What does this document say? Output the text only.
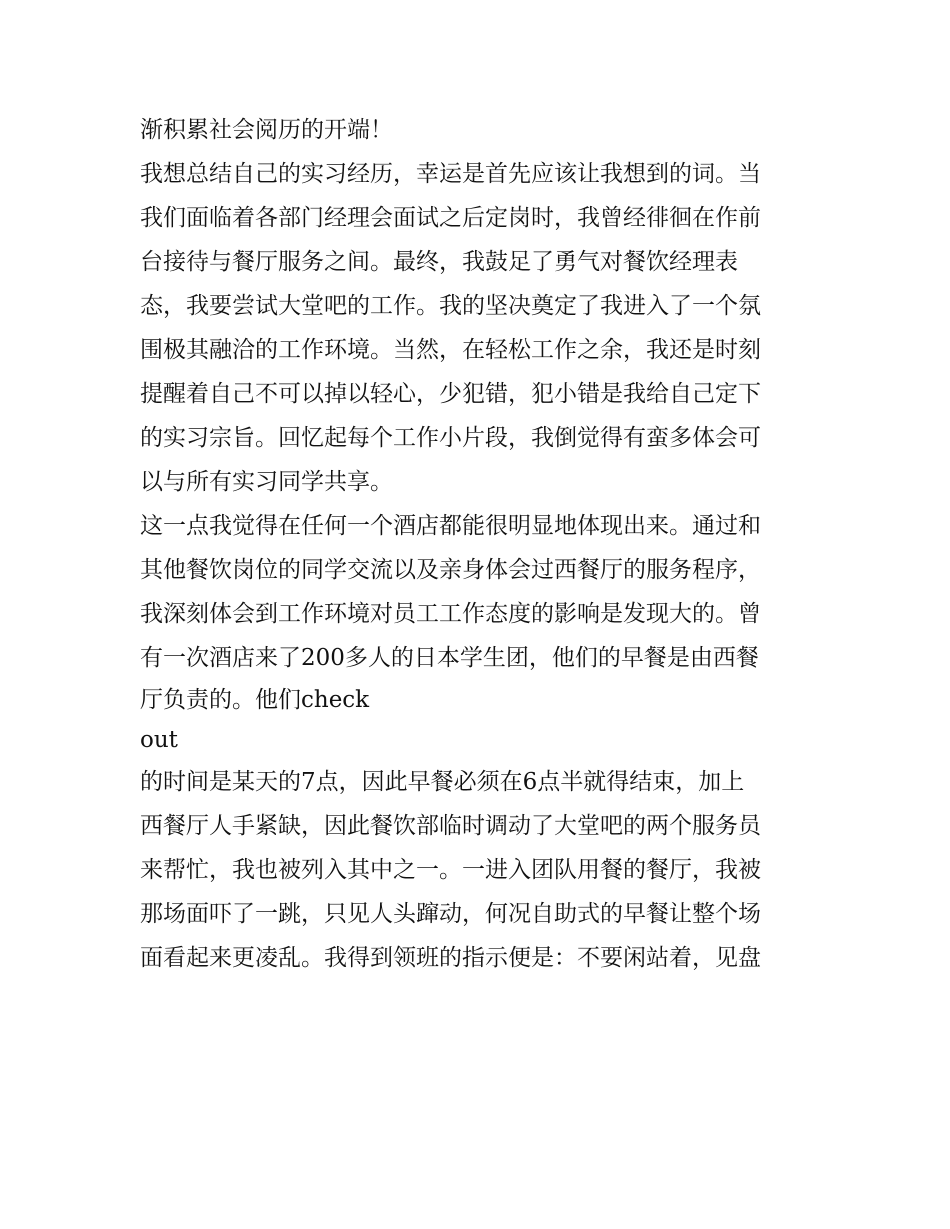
渐积累社会阅历的开端！
我想总结自己的实习经历，幸运是首先应该让我想到的词。当
我们面临着各部门经理会面试之后定岗时，我曾经徘徊在作前
台接待与餐厅服务之间。最终，我鼓足了勇气对餐饮经理表
态，我要尝试大堂吧的工作。我的坚决奠定了我进入了一个氛
围极其融洽的工作环境。当然，在轻松工作之余，我还是时刻
提醒着自己不可以掉以轻心，少犯错，犯小错是我给自己定下
的实习宗旨。回忆起每个工作小片段，我倒觉得有蛮多体会可
以与所有实习同学共享。
这一点我觉得在任何一个酒店都能很明显地体现出来。通过和
其他餐饮岗位的同学交流以及亲身体会过西餐厅的服务程序，
我深刻体会到工作环境对员工工作态度的影响是发现大的。曾
有一次酒店来了200多人的日本学生团，他们的早餐是由西餐
厅负责的。他们check
out
的时间是某天的7点，因此早餐必须在6点半就得结束，加上
西餐厅人手紧缺，因此餐饮部临时调动了大堂吧的两个服务员
来帮忙，我也被列入其中之一。一进入团队用餐的餐厅，我被
那场面吓了一跳，只见人头蹿动，何况自助式的早餐让整个场
面看起来更凌乱。我得到领班的指示便是：不要闲站着，见盘
